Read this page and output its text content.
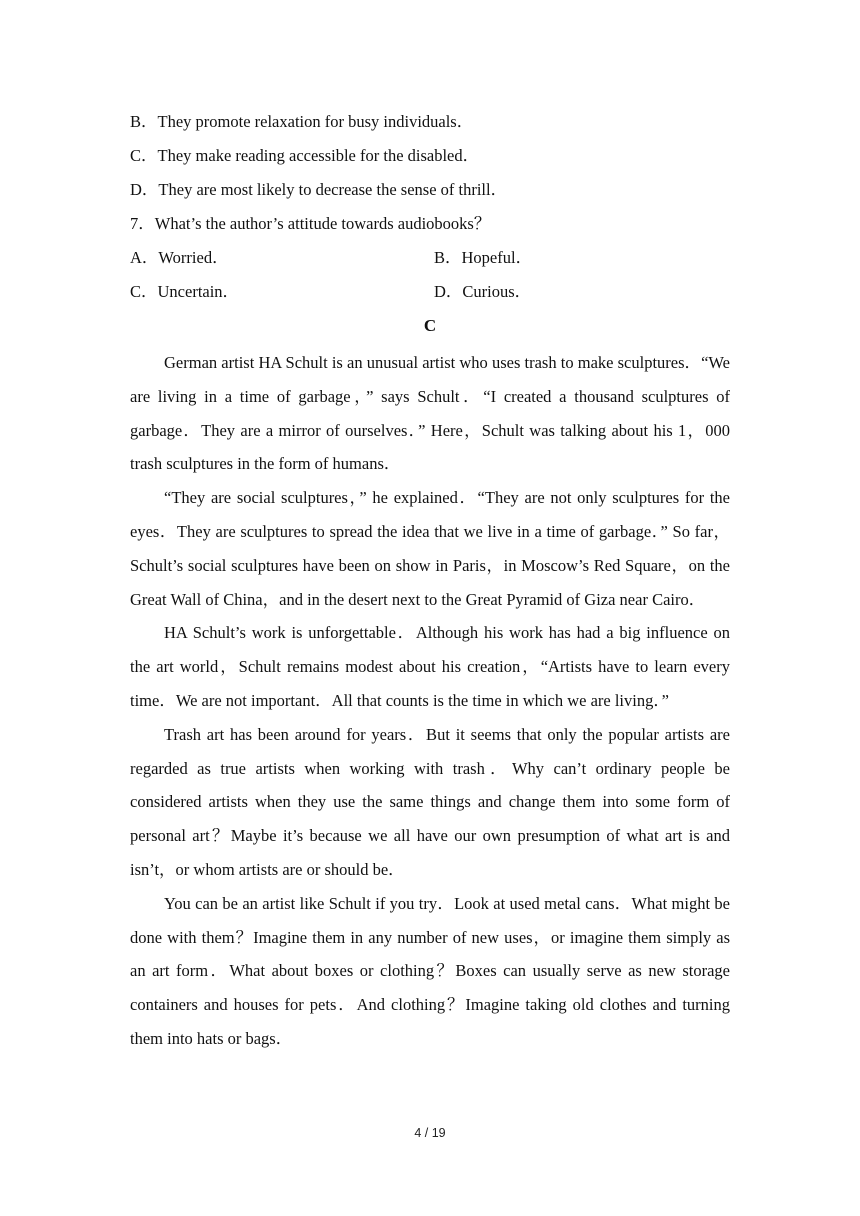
B．They promote relaxation for busy individuals．
C．They make reading accessible for the disabled．
D．They are most likely to decrease the sense of thrill．
7．What’s the author’s attitude towards audiobooks？
A．Worried．	B．Hopeful．
C．Uncertain．	D．Curious．
C

German artist HA Schult is an unusual artist who uses trash to make sculptures．“We are living in a time of garbage，” says Schult．“I created a thousand sculptures of garbage．They are a mirror of ourselves．” Here，Schult was talking about his 1，000 trash sculptures in the form of humans．

“They are social sculptures，” he explained．“They are not only sculptures for the eyes．They are sculptures to spread the idea that we live in a time of garbage．” So far，Schult’s social sculptures have been on show in Paris，in Moscow’s Red Square，on the Great Wall of China，and in the desert next to the Great Pyramid of Giza near Cairo．

HA Schult’s work is unforgettable．Although his work has had a big influence on the art world，Schult remains modest about his creation，“Artists have to learn every time．We are not important．All that counts is the time in which we are living．”

Trash art has been around for years．But it seems that only the popular artists are regarded as true artists when working with trash．Why can’t ordinary people be considered artists when they use the same things and change them into some form of personal art？Maybe it’s because we all have our own presumption of what art is and isn’t，or whom artists are or should be．

You can be an artist like Schult if you try．Look at used metal cans．What might be done with them？Imagine them in any number of new uses，or imagine them simply as an art form．What about boxes or clothing？Boxes can usually serve as new storage containers and houses for pets．And clothing？Imagine taking old clothes and turning them into hats or bags．

4 / 19
